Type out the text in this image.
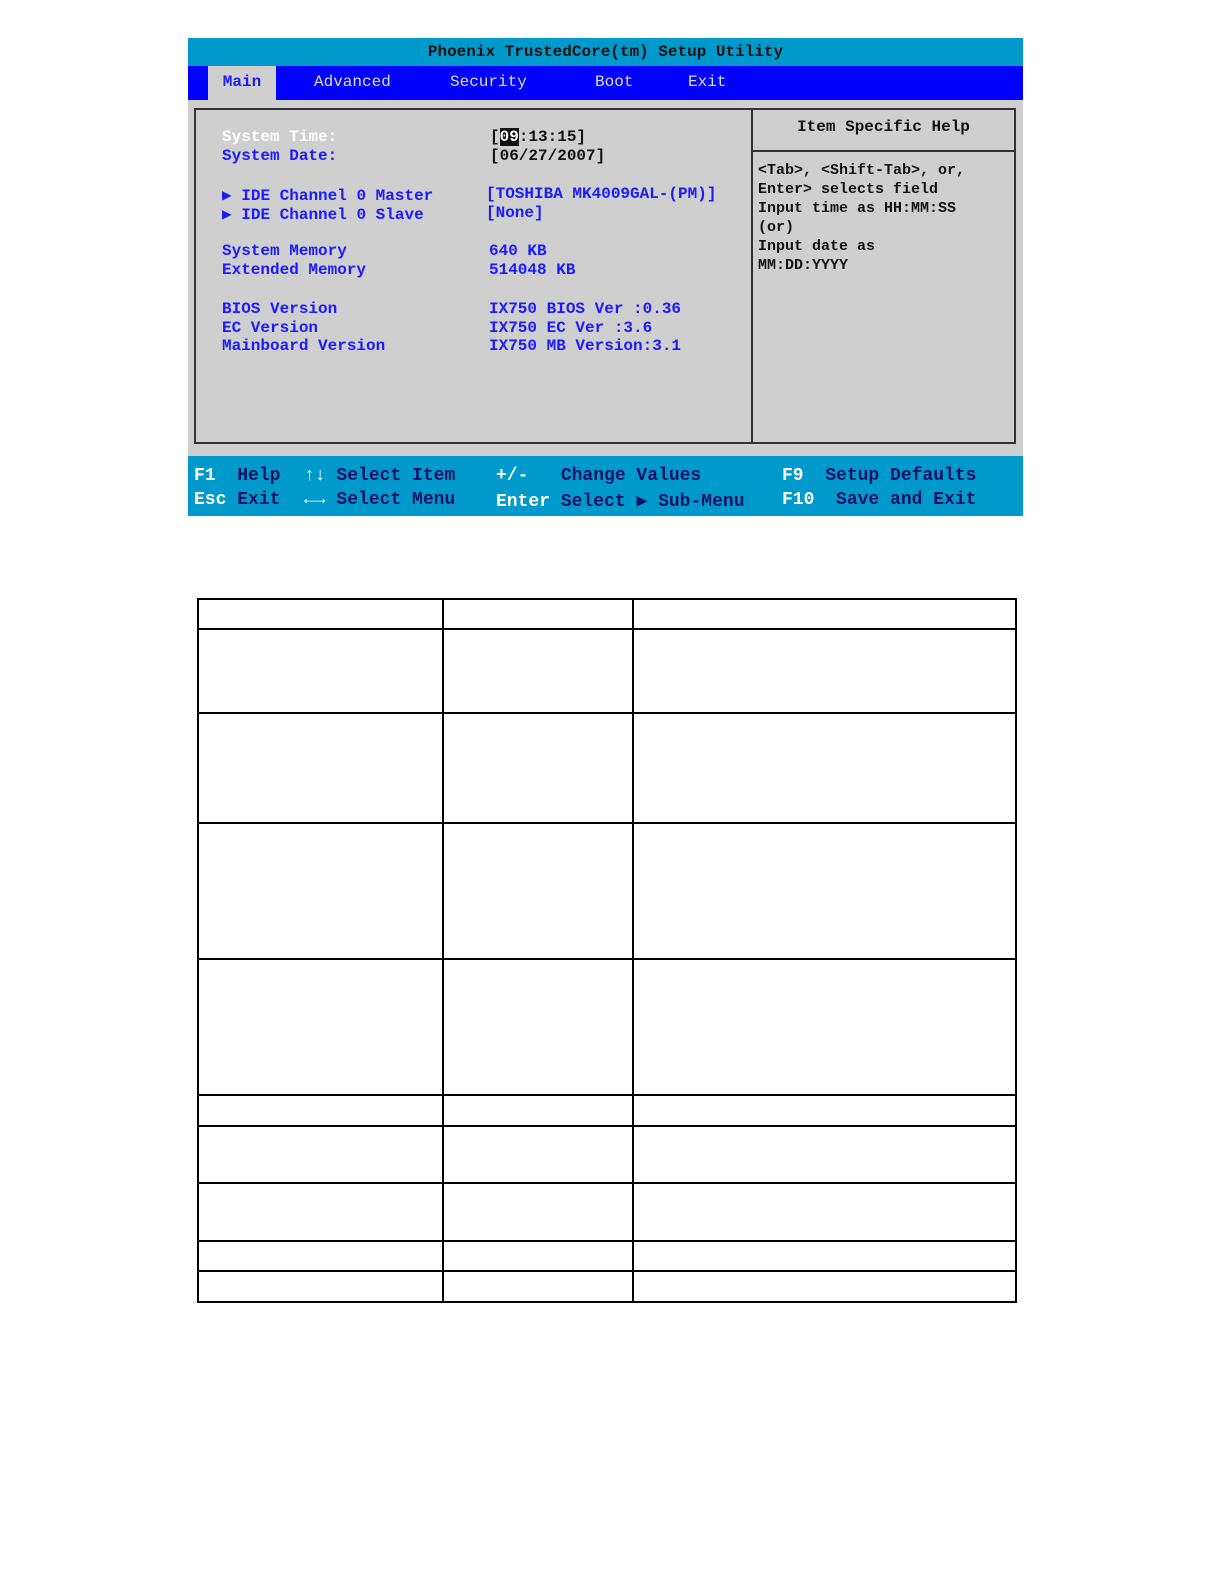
Phoenix TrustedCore(tm) Setup Utility
Main	Advanced	Security	Boot	Exit
System Time:	[09:13:15]
System Date:	[06/27/2007]
▶ IDE Channel 0 Master	[TOSHIBA MK4009GAL-(PM)]
▶ IDE Channel 0 Slave	[None]
System Memory	640 KB
Extended Memory	514048 KB
BIOS Version	IX750 BIOS Ver :0.36
EC Version	IX750 EC Ver :3.6
Mainboard Version	IX750 MB Version:3.1
Item Specific Help
<Tab>, <Shift-Tab>, or,
Enter> selects field
Input time as HH:MM:SS
(or)
Input date as
MM:DD:YYYY
F1 Help ↑↓ Select Item +/- Change Values	F9 Setup Defaults
Esc Exit ←→ Select Menu Enter Select ▶ Sub-Menu F10 Save and Exit
